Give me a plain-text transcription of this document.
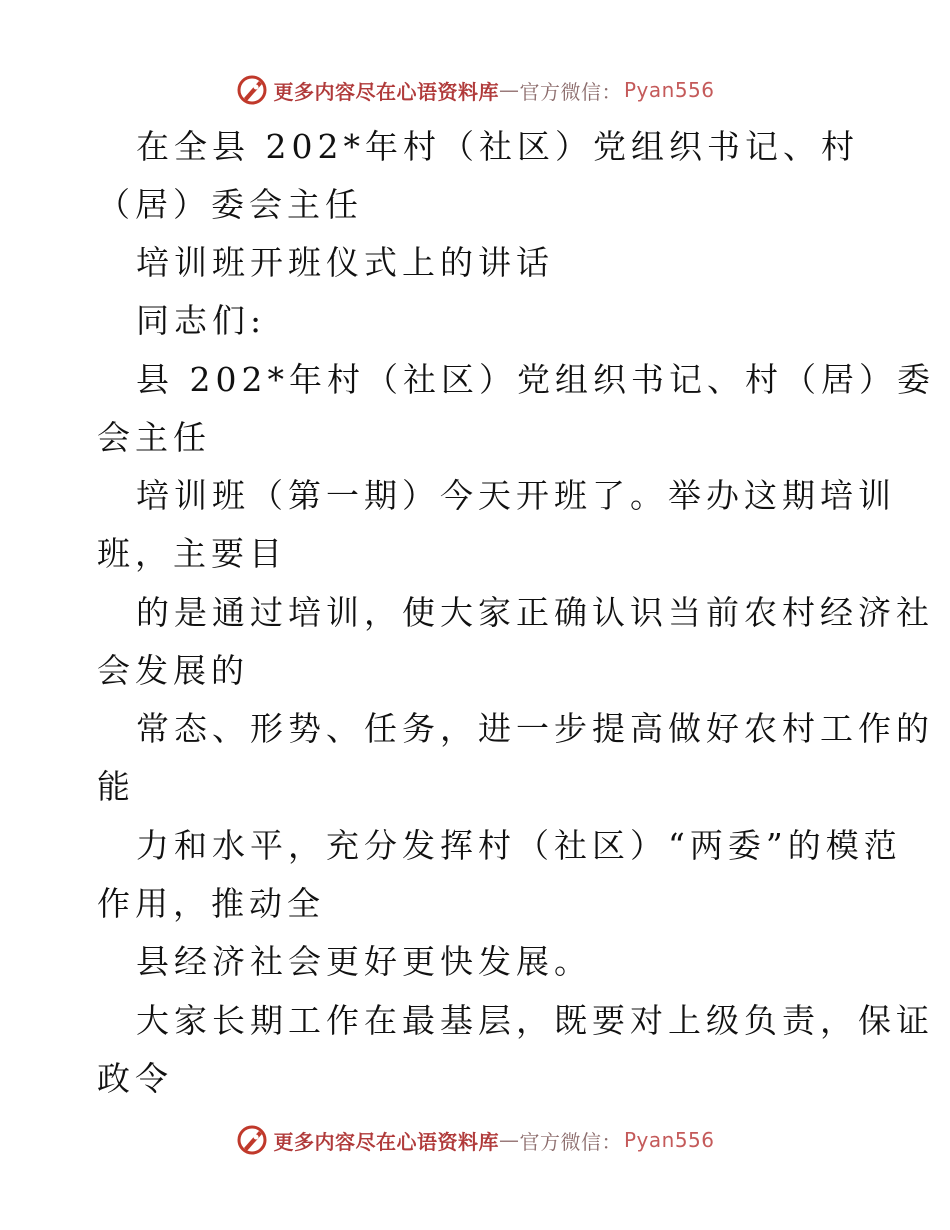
更多内容尽在心语资料库 — 官方微信： Pyan556
在全县 202*年村（社区）党组织书记、村
（居）委会主任
培训班开班仪式上的讲话
同志们:
县 202*年村（社区）党组织书记、村（居）委
会主任
培训班（第一期）今天开班了。举办这期培训
班，主要目
的是通过培训，使大家正确认识当前农村经济社
会发展的
常态、形势、任务，进一步提高做好农村工作的
能
力和水平，充分发挥村（社区）“两委”的模范
作用，推动全
县经济社会更好更快发展。
大家长期工作在最基层，既要对上级负责，保证
政令
更多内容尽在心语资料库 — 官方微信： Pyan556
